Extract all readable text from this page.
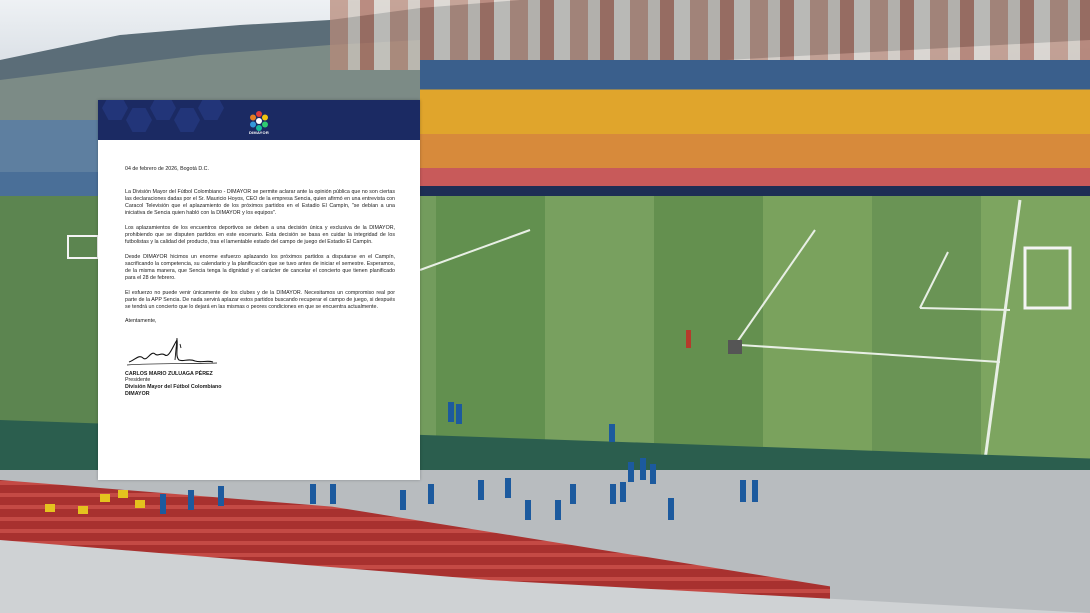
DIMAYOR

04 de febrero de 2026, Bogotá D.C.

La División Mayor del Fútbol Colombiano - DIMAYOR se permite aclarar ante la opinión pública que no son ciertas las declaraciones dadas por el Sr. Mauricio Hoyos, CEO de la empresa Sencia, quien afirmó en una entrevista con Caracol Televisión que el aplazamiento de los próximos partidos en el Estadio El Campín, "se debían a una iniciativa de Sencia quien habló con la DIMAYOR y los equipos".

Los aplazamientos de los encuentros deportivos se deben a una decisión única y exclusiva de la DIMAYOR, prohibiendo que se disputen partidos en este escenario. Esta decisión se basa en cuidar la integridad de los futbolistas y la calidad del producto, tras el lamentable estado del campo de juego del Estadio El Campín.

Desde DIMAYOR hicimos un enorme esfuerzo aplazando los próximos partidos a disputarse en el Campín, sacrificando la competencia, su calendario y la planificación que se tuvo antes de iniciar el semestre. Esperamos, de la misma manera, que Sencia tenga la dignidad y el carácter de cancelar el concierto que tienen planificado para el 28 de febrero.

El esfuerzo no puede venir únicamente de los clubes y de la DIMAYOR. Necesitamos un compromiso real por parte de la APP Sencia. De nada servirá aplazar estos partidos buscando recuperar el campo de juego, si después se tendrá un concierto que lo dejará en las mismas o peores condiciones en que se encuentra actualmente.

Atentamente,

CARLOS MARIO ZULUAGA PÉREZ
Presidente
División Mayor del Fútbol Colombiano
DIMAYOR
